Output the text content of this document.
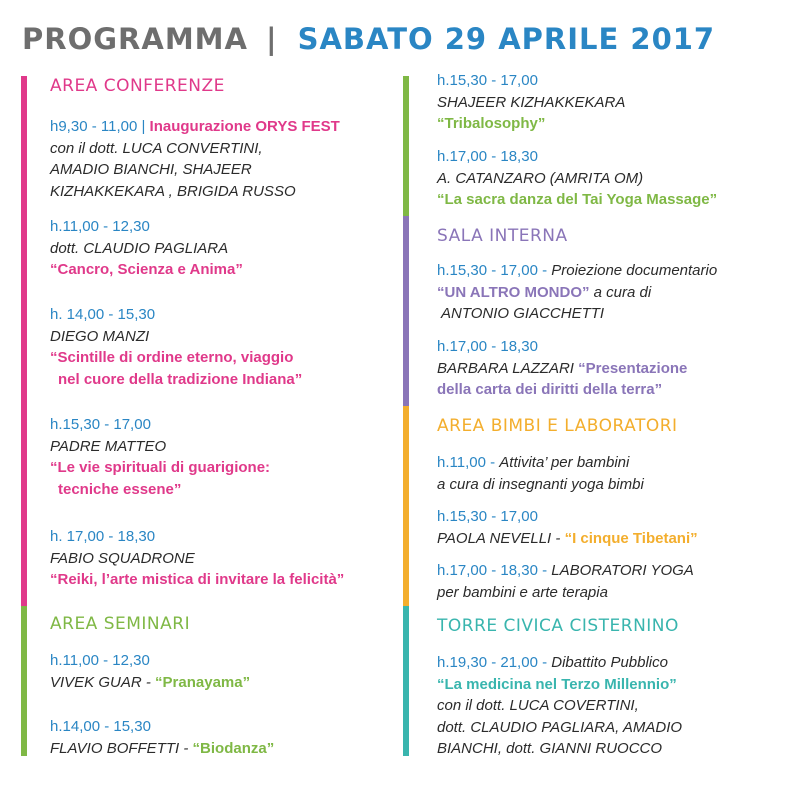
PROGRAMMA | SABATO 29 APRILE 2017
AREA CONFERENZE
h9,30 - 11,00 | Inaugurazione ORYS FEST
con il dott. LUCA CONVERTINI,
AMADIO BIANCHI, SHAJEER
KIZHAKKEKARA , BRIGIDA RUSSO
h.11,00 - 12,30
dott. CLAUDIO PAGLIARA
“Cancro, Scienza e Anima”
h. 14,00 - 15,30
DIEGO MANZI
“Scintille di ordine eterno, viaggio
nel cuore della tradizione Indiana”
h.15,30 - 17,00
PADRE MATTEO
“Le vie spirituali di guarigione:
tecniche essene”
h. 17,00 - 18,30
FABIO SQUADRONE
“Reiki, l’arte mistica di invitare la felicità”
AREA SEMINARI
h.11,00 - 12,30
VIVEK GUAR - “Pranayama”
h.14,00 - 15,30
FLAVIO BOFFETTI - “Biodanza”
h.15,30 - 17,00
SHAJEER KIZHAKKEKARA
“Tribalosophy”
h.17,00 - 18,30
A. CATANZARO (AMRITA OM)
“La sacra danza del Tai Yoga Massage”
SALA INTERNA
h.15,30 - 17,00 - Proiezione documentario
“UN ALTRO MONDO” a cura di
ANTONIO GIACCHETTI
h.17,00 - 18,30
BARBARA LAZZARI “Presentazione
della carta dei diritti della terra”
AREA BIMBI E LABORATORI
h.11,00 - Attivita’ per bambini
a cura di insegnanti yoga bimbi
h.15,30 - 17,00
PAOLA NEVELLI - “I cinque Tibetani”
h.17,00 - 18,30 - LABORATORI YOGA
per bambini e arte terapia
TORRE CIVICA CISTERNINO
h.19,30 - 21,00 - Dibattito Pubblico
“La medicina nel Terzo Millennio”
con il dott. LUCA COVERTINI,
dott. CLAUDIO PAGLIARA, AMADIO
BIANCHI, dott. GIANNI RUOCCO
